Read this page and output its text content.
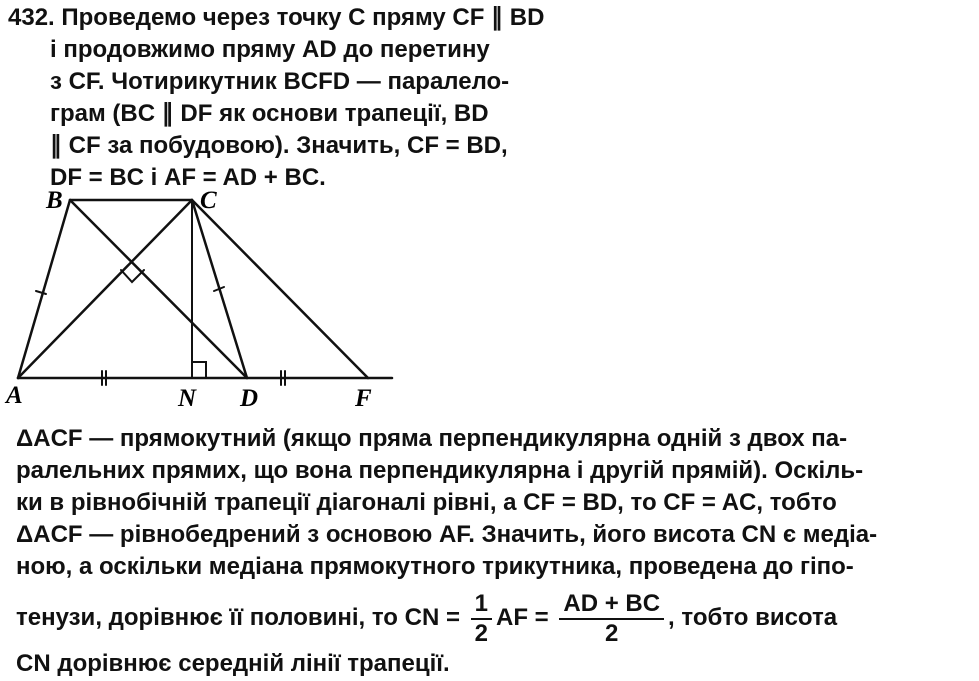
432. Проведемо через точку C пряму CF ∥ BD
і продовжимо пряму AD до перетину
з CF. Чотирикутник BCFD — паралело-
грам (BC ∥ DF як основи трапеції, BD
∥ CF за побудовою). Значить, CF = BD,
DF = BC і AF = AD + BC.
A
B	C
N D	F
ΔACF — прямокутний (якщо пряма перпендикулярна одній з двох па-
ралельних прямих, що вона перпендикулярна і другій прямій). Оскіль-
ки в рівнобічній трапеції діагоналі рівні, а CF = BD, то CF = AC, тобто
ΔACF — рівнобедрений з основою AF. Значить, його висота CN є медіа-
ною, а оскільки медіана прямокутного трикутника, проведена до гіпо-
тенузи, дорівнює її половині, то CN = $\frac{1}{2}$ AF = $\frac{AD + BC}{2}$ , тобто висота
CN дорівнює середній лінії трапеції.
